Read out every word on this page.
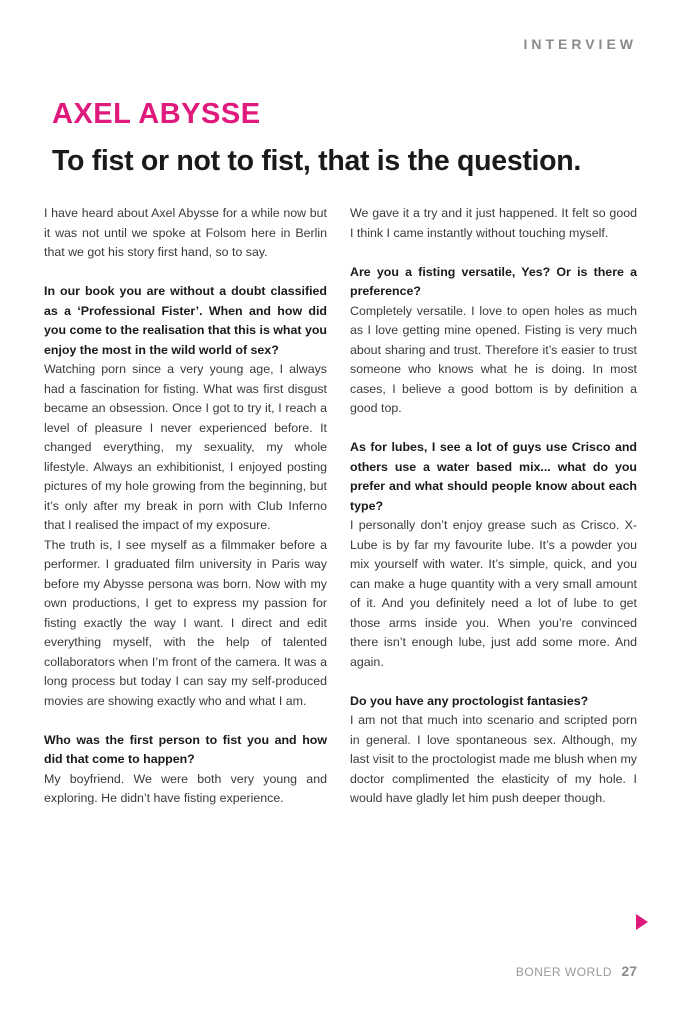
INTERVIEW
AXEL ABYSSE
To fist or not to fist, that is the question.

I have heard about Axel Abysse for a while now but it was not until we spoke at Folsom here in Berlin that we got his story first hand, so to say.

In our book you are without a doubt classified as a ‘Professional Fister’. When and how did you come to the realisation that this is what you enjoy the most in the wild world of sex?

Watching porn since a very young age, I always had a fascination for fisting. What was first disgust became an obsession. Once I got to try it, I reach a level of pleasure I never experienced before. It changed everything, my sexuality, my whole lifestyle. Always an exhibitionist, I enjoyed posting pictures of my hole growing from the beginning, but it’s only after my break in porn with Club Inferno that I realised the impact of my exposure.

The truth is, I see myself as a filmmaker before a performer. I graduated film university in Paris way before my Abysse persona was born. Now with my own productions, I get to express my passion for fisting exactly the way I want. I direct and edit everything myself, with the help of talented collaborators when I’m front of the camera. It was a long process but today I can say my self-produced movies are showing exactly who and what I am.

Who was the first person to fist you and how did that come to happen?

My boyfriend. We were both very young and exploring. He didn’t have fisting experience.

We gave it a try and it just happened. It felt so good I think I came instantly without touching myself.

Are you a fisting versatile, Yes? Or is there a preference?

Completely versatile. I love to open holes as much as I love getting mine opened. Fisting is very much about sharing and trust. Therefore it’s easier to trust someone who knows what he is doing. In most cases, I believe a good bottom is by definition a good top.

As for lubes, I see a lot of guys use Crisco and others use a water based mix... what do you prefer and what should people know about each type?

I personally don’t enjoy grease such as Crisco. X-Lube is by far my favourite lube. It’s a powder you mix yourself with water. It’s simple, quick, and you can make a huge quantity with a very small amount of it. And you definitely need a lot of lube to get those arms inside you. When you’re convinced there isn’t enough lube, just add some more. And again.

Do you have any proctologist fantasies?

I am not that much into scenario and scripted porn in general. I love spontaneous sex. Although, my last visit to the proctologist made me blush when my doctor complimented the elasticity of my hole. I would have gladly let him push deeper though.

BONER WORLD 27
